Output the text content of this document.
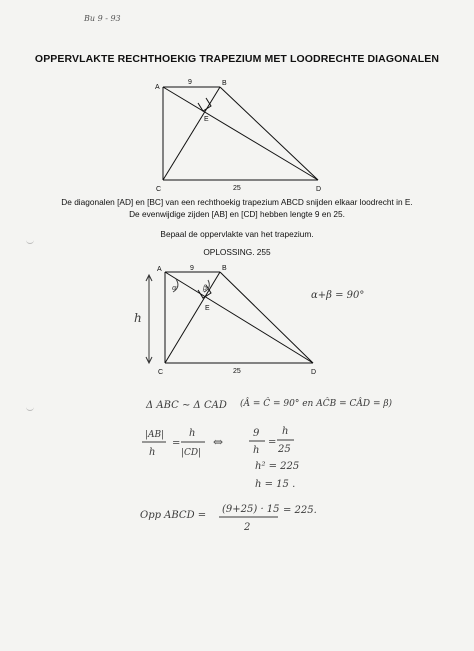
Bu 9 - 93
OPPERVLAKTE RECHTHOEKIG TRAPEZIUM MET LOODRECHTE DIAGONALEN
A
B
C	D
E
9
25
A	B
C	D
E
9
25
α	β
h
α+β = 90°
Δ ABC ∼ Δ CAD (Â = Ĉ = 90° en AĈB = CÂD = β)
|AB|
h
=
h
|CD|
⇔
9
h
=
h
25
h² = 225
h = 15 .
Opp ABCD =
(9+25) · 15
2
= 225.
De diagonalen [AD] en [BC] van een rechthoekig trapezium ABCD snijden elkaar loodrecht in E.
De evenwijdige zijden [AB] en [CD] hebben lengte 9 en 25.
Bepaal de oppervlakte van het trapezium.
OPLOSSING. 255
